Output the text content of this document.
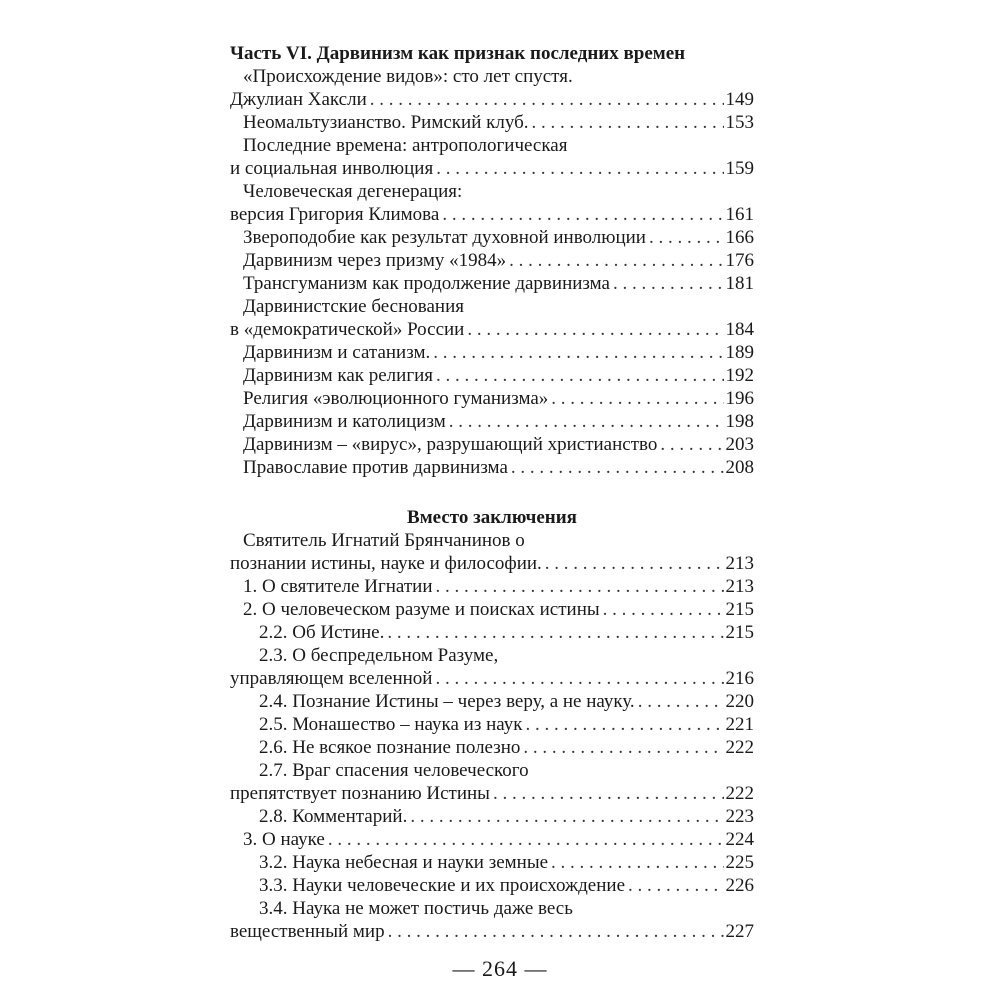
Часть VI. Дарвинизм как признак последних времен
«Происхождение видов»: сто лет спустя.
Джулиан Хаксли . . .	149
Неомальтузианство. Римский клуб. . . .	153
Последние времена: антропологическая
и социальная инволюция . . .	159
Человеческая дегенерация:
версия Григория Климова . . .	161
Звероподобие как результат духовной инволюции . . .	166
Дарвинизм через призму «1984» . . .	176
Трансгуманизм как продолжение дарвинизма . . .	181
Дарвинистские беснования
в «демократической» России . . .	184
Дарвинизм и сатанизм. . . .	189
Дарвинизм как религия . . .	192
Религия «эволюционного гуманизма» . . .	196
Дарвинизм и католицизм . . .	198
Дарвинизм – «вирус», разрушающий христианство . . .	203
Православие против дарвинизма . . .	208
Вместо заключения
Святитель Игнатий Брянчанинов о
познании истины, науке и философии. . . .	213
1. О святителе Игнатии . . .	213
2. О человеческом разуме и поисках истины . . .	215
2.2. Об Истине. . . .	215
2.3. О беспредельном Разуме,
управляющем вселенной . . .	216
2.4. Познание Истины – через веру, а не науку. . . .	220
2.5. Монашество – наука из наук . . .	221
2.6. Не всякое познание полезно . . .	222
2.7. Враг спасения человеческого
препятствует познанию Истины . . .	222
2.8. Комментарий. . . .	223
3. О науке . . .	224
3.2. Наука небесная и науки земные . . .	225
3.3. Науки человеческие и их происхождение . . .	226
3.4. Наука не может постичь даже весь
вещественный мир . . .	227
— 264 —
